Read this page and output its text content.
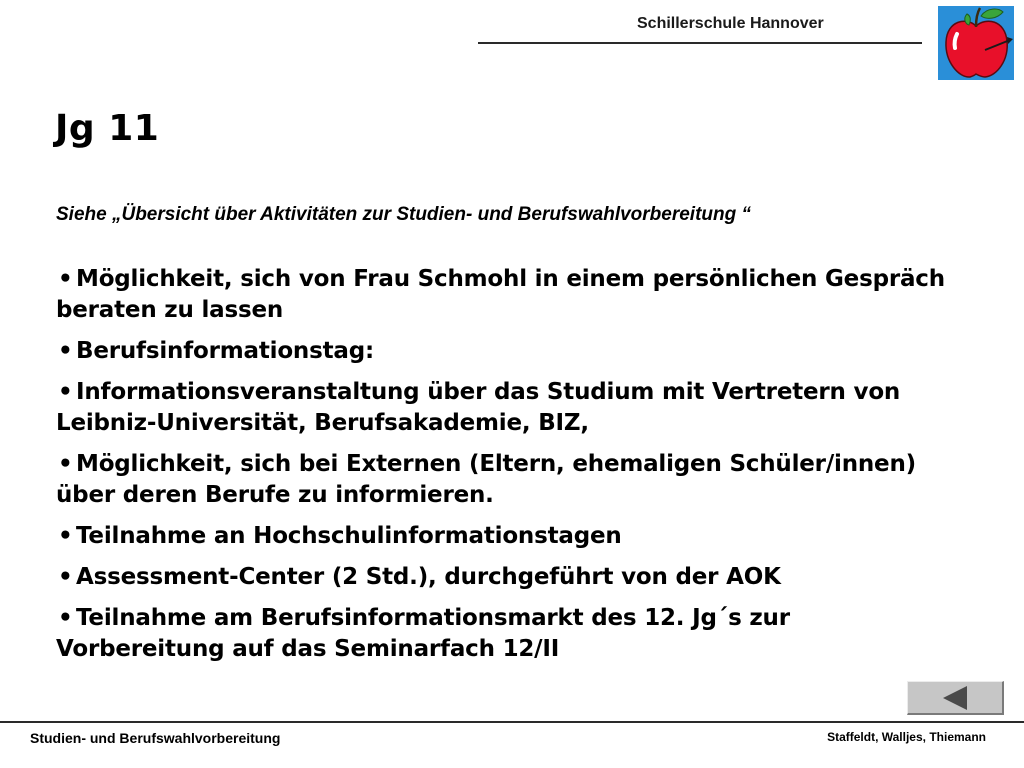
Schillerschule Hannover
Jg 11
Siehe „Übersicht über Aktivitäten zur Studien- und Berufswahlvorbereitung “
• Möglichkeit, sich von Frau Schmohl in einem persönlichen Gespräch beraten zu lassen
• Berufsinformationstag:
• Informationsveranstaltung über das Studium mit Vertretern von Leibniz-Universität, Berufsakademie, BIZ,
• Möglichkeit, sich bei Externen (Eltern, ehemaligen Schüler/innen) über deren Berufe zu informieren.
• Teilnahme an Hochschulinformationstagen
• Assessment-Center (2 Std.), durchgeführt von der AOK
• Teilnahme am Berufsinformationsmarkt des 12. Jg´s zur Vorbereitung auf das Seminarfach 12/II
Studien- und Berufswahlvorbereitung	Staffeldt, Walljes, Thiemann
